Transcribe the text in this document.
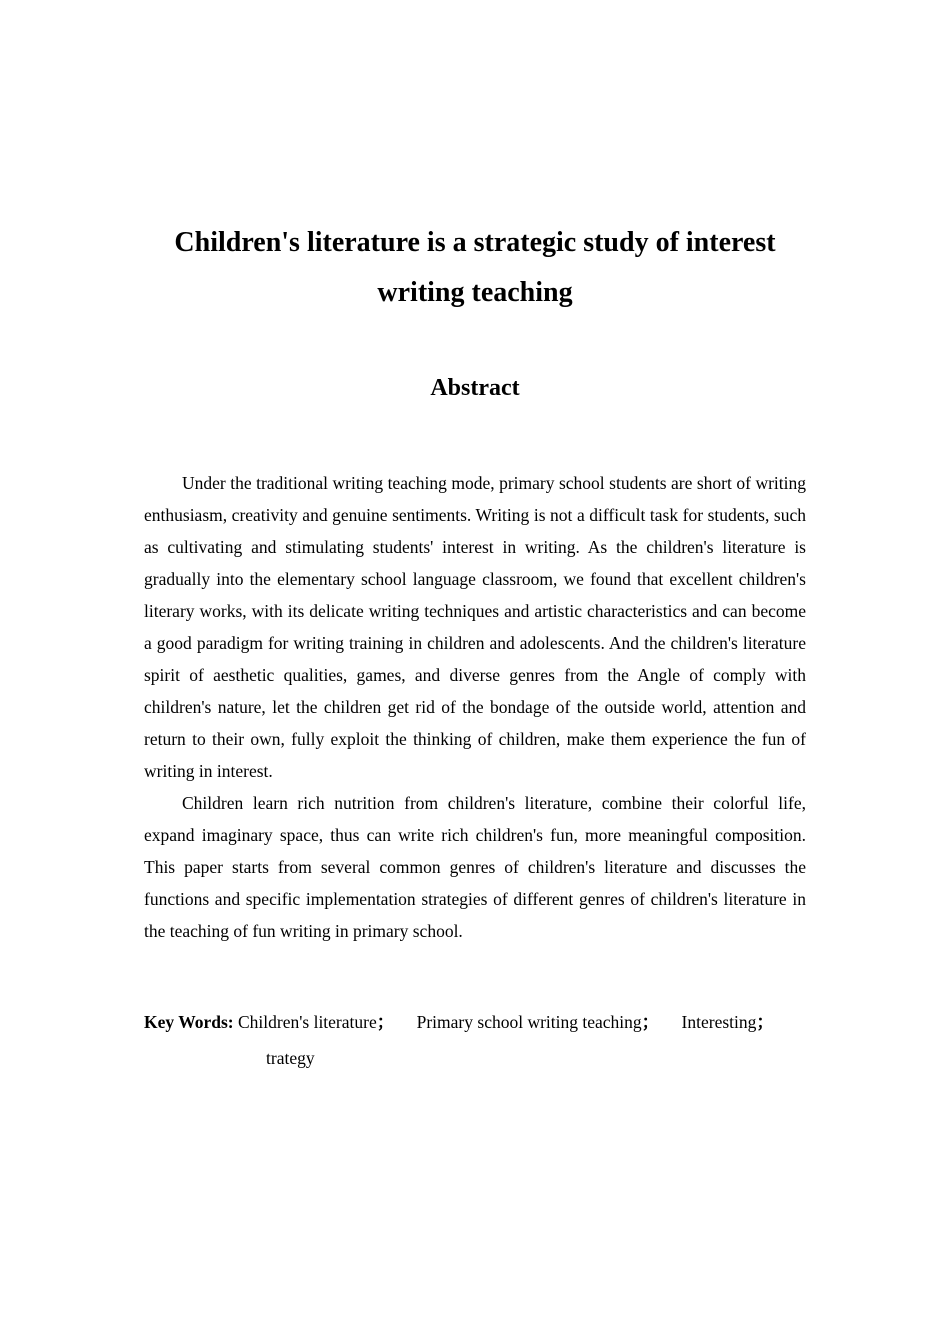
Children's literature is a strategic study of interest
writing teaching
Abstract

Under the traditional writing teaching mode, primary school students are short of writing enthusiasm, creativity and genuine sentiments. Writing is not a difficult task for students, such as cultivating and stimulating students' interest in writing. As the children's literature is gradually into the elementary school language classroom, we found that excellent children's literary works, with its delicate writing techniques and artistic characteristics and can become a good paradigm for writing training in children and adolescents. And the children's literature spirit of aesthetic qualities, games, and diverse genres from the Angle of comply with children's nature, let the children get rid of the bondage of the outside world, attention and return to their own, fully exploit the thinking of children, make them experience the fun of writing in interest.

Children learn rich nutrition from children's literature, combine their colorful life, expand imaginary space, thus can write rich children's fun, more meaningful composition. This paper starts from several common genres of children's literature and discusses the functions and specific implementation strategies of different genres of children's literature in the teaching of fun writing in primary school.

Key Words: Children's literature； Primary school writing teaching； Interesting；
trategy
